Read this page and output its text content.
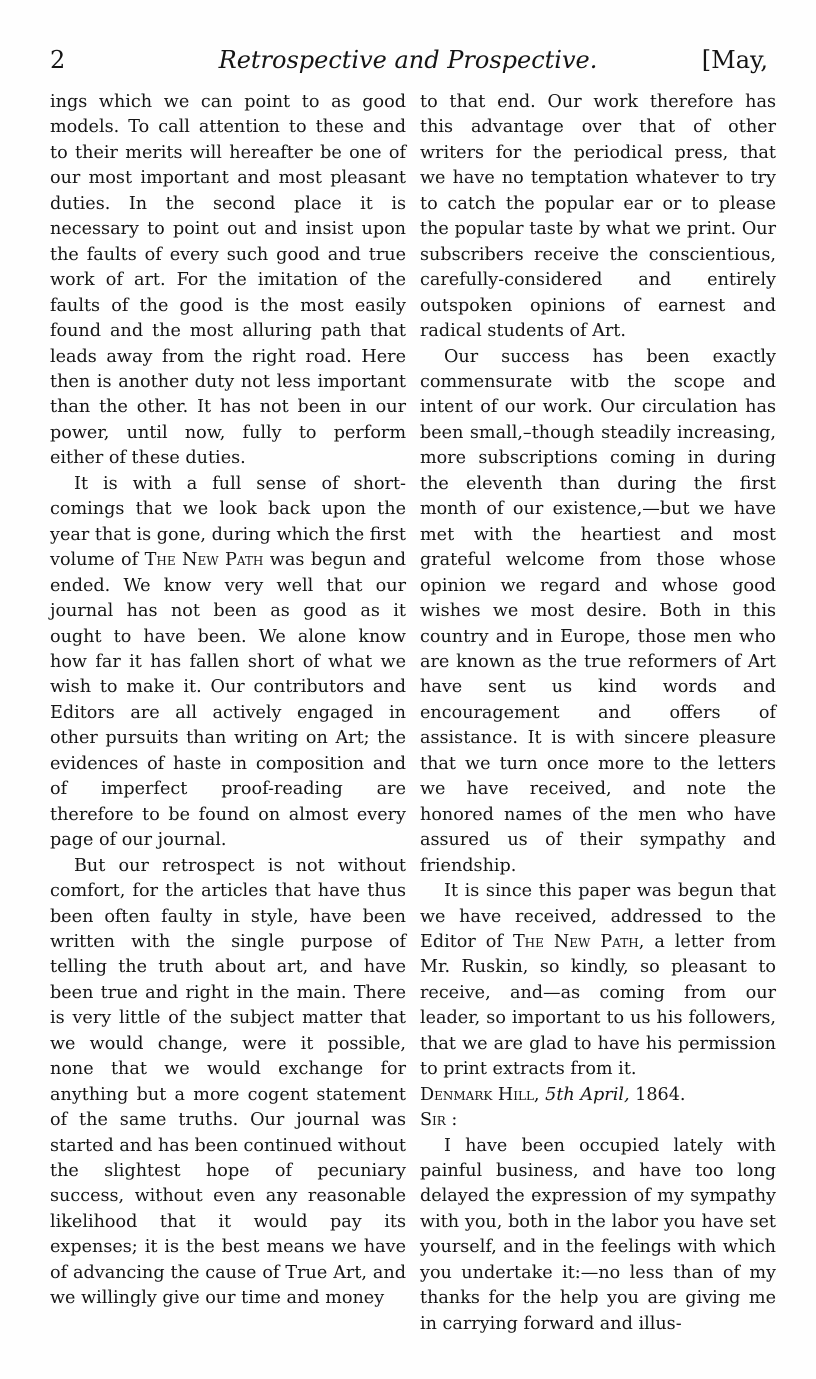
2	Retrospective and Prospective.	[May,

ings which we can point to as good models. To call attention to these and to their merits will hereafter be one of our most important and most pleasant duties. In the second place it is necessary to point out and insist upon the faults of every such good and true work of art. For the imitation of the faults of the good is the most easily found and the most alluring path that leads away from the right road. Here then is another duty not less important than the other. It has not been in our power, until now, fully to perform either of these duties.

It is with a full sense of short-comings that we look back upon the year that is gone, during which the first volume of The New Path was begun and ended. We know very well that our journal has not been as good as it ought to have been. We alone know how far it has fallen short of what we wish to make it. Our contributors and Editors are all actively engaged in other pursuits than writing on Art; the evidences of haste in composition and of imperfect proof-reading are therefore to be found on almost every page of our journal.

But our retrospect is not without comfort, for the articles that have thus been often faulty in style, have been written with the single purpose of telling the truth about art, and have been true and right in the main. There is very little of the subject matter that we would change, were it possible, none that we would exchange for anything but a more cogent statement of the same truths. Our journal was started and has been continued without the slightest hope of pecuniary success, without even any reasonable likelihood that it would pay its expenses; it is the best means we have of advancing the cause of True Art, and we willingly give our time and money

to that end. Our work therefore has this advantage over that of other writers for the periodical press, that we have no temptation whatever to try to catch the popular ear or to please the popular taste by what we print. Our subscribers receive the conscientious, carefully-considered and entirely outspoken opinions of earnest and radical students of Art.

Our success has been exactly commensurate witb the scope and intent of our work. Our circulation has been small,–though steadily increasing, more subscriptions coming in during the eleventh than during the first month of our existence,—but we have met with the heartiest and most grateful welcome from those whose opinion we regard and whose good wishes we most desire. Both in this country and in Europe, those men who are known as the true reformers of Art have sent us kind words and encouragement and offers of assistance. It is with sincere pleasure that we turn once more to the letters we have received, and note the honored names of the men who have assured us of their sympathy and friendship.

It is since this paper was begun that we have received, addressed to the Editor of The New Path, a letter from Mr. Ruskin, so kindly, so pleasant to receive, and—as coming from our leader, so important to us his followers, that we are glad to have his permission to print extracts from it.

Denmark Hill, 5th April, 1864.

Sir :

I have been occupied lately with painful business, and have too long delayed the expression of my sympathy with you, both in the labor you have set yourself, and in the feelings with which you undertake it:—no less than of my thanks for the help you are giving me in carrying forward and illus-
